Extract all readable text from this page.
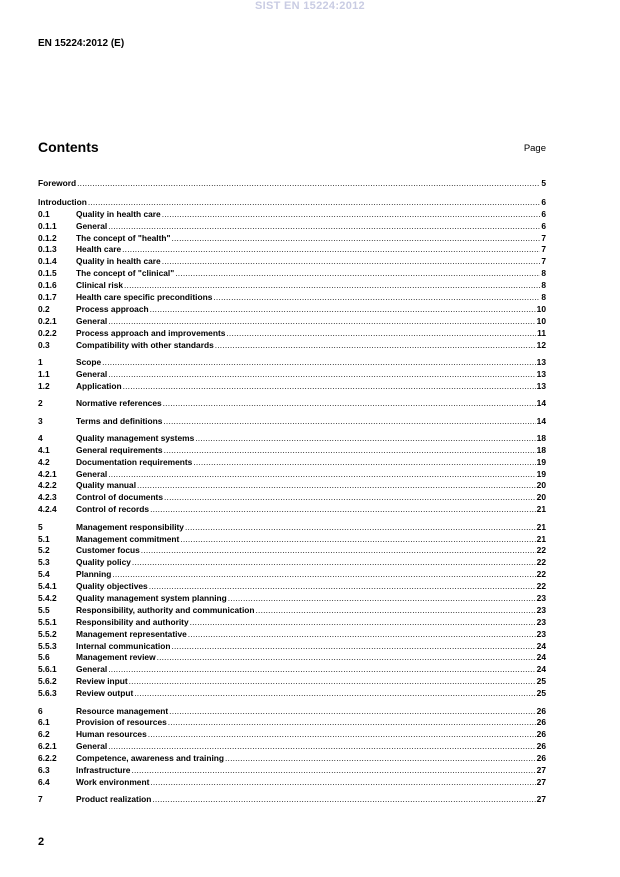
SIST EN 15224:2012
EN 15224:2012 (E)
Contents	Page
Foreword .....	5
Introduction .....	6
0.1	Quality in health care .....	6
0.1.1	General .....	6
0.1.2	The concept of "health" .....	7
0.1.3	Health care .....	7
0.1.4	Quality in health care .....	7
0.1.5	The concept of "clinical" .....	8
0.1.6	Clinical risk .....	8
0.1.7	Health care specific preconditions .....	8
0.2	Process approach .....	10
0.2.1	General .....	10
0.2.2	Process approach and improvements .....	11
0.3	Compatibility with other standards .....	12
1	Scope .....	13
1.1	General .....	13
1.2	Application .....	13
2	Normative references .....	14
3	Terms and definitions .....	14
4	Quality management systems .....	18
4.1	General requirements .....	18
4.2	Documentation requirements .....	19
4.2.1	General .....	19
4.2.2	Quality manual .....	20
4.2.3	Control of documents .....	20
4.2.4	Control of records .....	21
5	Management responsibility .....	21
5.1	Management commitment .....	21
5.2	Customer focus .....	22
5.3	Quality policy .....	22
5.4	Planning .....	22
5.4.1	Quality objectives .....	22
5.4.2	Quality management system planning .....	23
5.5	Responsibility, authority and communication .....	23
5.5.1	Responsibility and authority .....	23
5.5.2	Management representative .....	23
5.5.3	Internal communication .....	24
5.6	Management review .....	24
5.6.1	General .....	24
5.6.2	Review input .....	25
5.6.3	Review output .....	25
6	Resource management .....	26
6.1	Provision of resources .....	26
6.2	Human resources .....	26
6.2.1	General .....	26
6.2.2	Competence, awareness and training .....	26
6.3	Infrastructure .....	27
6.4	Work environment .....	27
7	Product realization .....	27
2
